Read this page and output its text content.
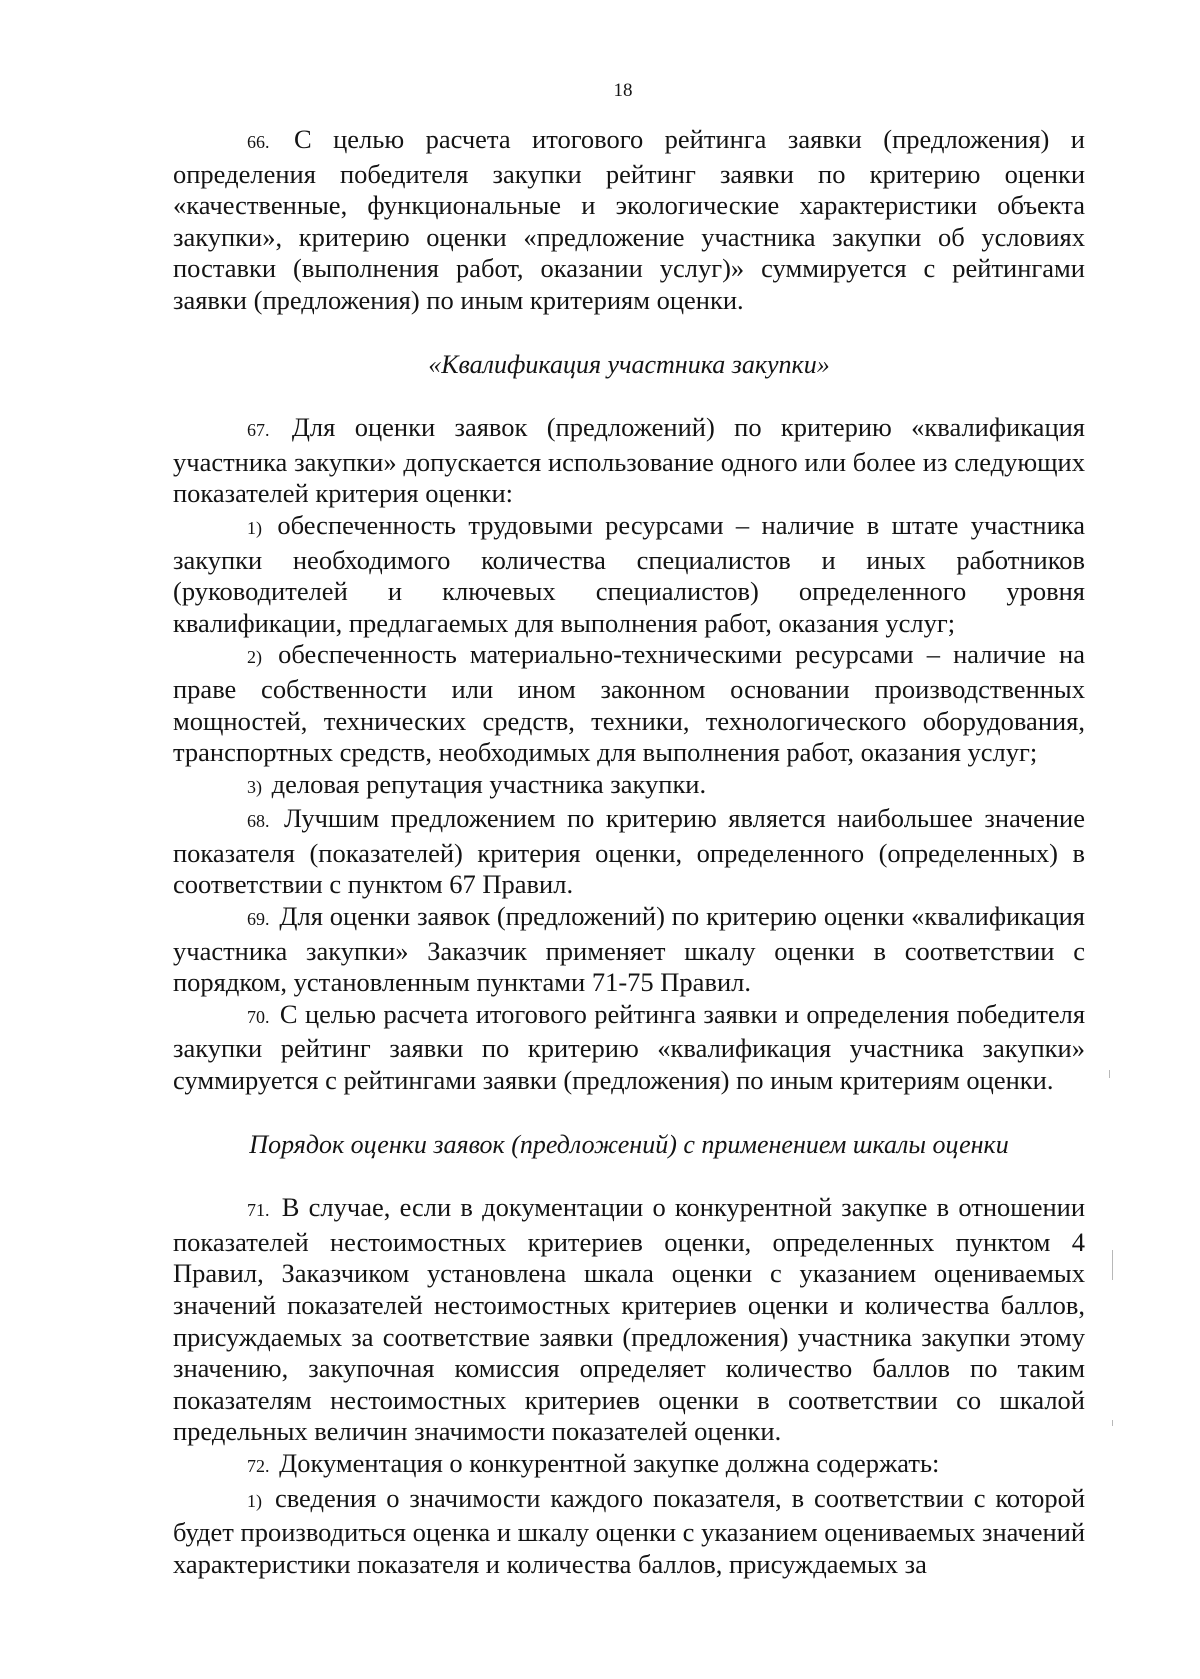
18

66. С целью расчета итогового рейтинга заявки (предложения) и определения победителя закупки рейтинг заявки по критерию оценки «качественные, функциональные и экологические характеристики объекта закупки», критерию оценки «предложение участника закупки об условиях поставки (выполнения работ, оказании услуг)» суммируется с рейтингами заявки (предложения) по иным критериям оценки.

«Квалификация участника закупки»

67. Для оценки заявок (предложений) по критерию «квалификация участника закупки» допускается использование одного или более из следующих показателей критерия оценки:

1) обеспеченность трудовыми ресурсами – наличие в штате участника закупки необходимого количества специалистов и иных работников (руководителей и ключевых специалистов) определенного уровня квалификации, предлагаемых для выполнения работ, оказания услуг;

2) обеспеченность материально-техническими ресурсами – наличие на праве собственности или ином законном основании производственных мощностей, технических средств, техники, технологического оборудования, транспортных средств, необходимых для выполнения работ, оказания услуг;

3) деловая репутация участника закупки.

68. Лучшим предложением по критерию является наибольшее значение показателя (показателей) критерия оценки, определенного (определенных) в соответствии с пунктом 67 Правил.

69. Для оценки заявок (предложений) по критерию оценки «квалификация участника закупки» Заказчик применяет шкалу оценки в соответствии с порядком, установленным пунктами 71-75 Правил.

70. С целью расчета итогового рейтинга заявки и определения победителя закупки рейтинг заявки по критерию «квалификация участника закупки» суммируется с рейтингами заявки (предложения) по иным критериям оценки.

Порядок оценки заявок (предложений) с применением шкалы оценки

71. В случае, если в документации о конкурентной закупке в отношении показателей нестоимостных критериев оценки, определенных пунктом 4 Правил, Заказчиком установлена шкала оценки с указанием оцениваемых значений показателей нестоимостных критериев оценки и количества баллов, присуждаемых за соответствие заявки (предложения) участника закупки этому значению, закупочная комиссия определяет количество баллов по таким показателям нестоимостных критериев оценки в соответствии со шкалой предельных величин значимости показателей оценки.

72. Документация о конкурентной закупке должна содержать:

1) сведения о значимости каждого показателя, в соответствии с которой будет производиться оценка и шкалу оценки с указанием оцениваемых значений характеристики показателя и количества баллов, присуждаемых за
